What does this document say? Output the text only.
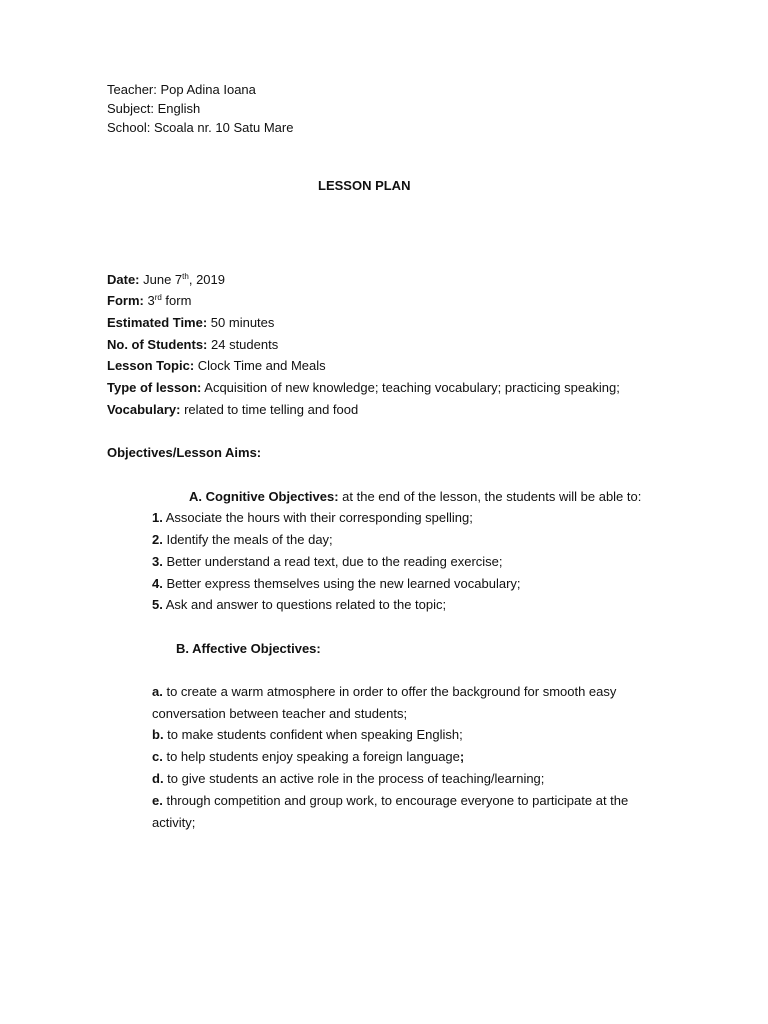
Teacher: Pop Adina Ioana
Subject: English
School: Scoala nr. 10 Satu Mare
LESSON PLAN
Date: June 7th, 2019
Form: 3rd form
Estimated Time: 50 minutes
No. of Students: 24 students
Lesson Topic: Clock Time and Meals
Type of lesson: Acquisition of new knowledge; teaching vocabulary; practicing speaking;
Vocabulary: related to time telling and food
Objectives/Lesson Aims:
A. Cognitive Objectives: at the end of the lesson, the students will be able to:
1. Associate the hours with their corresponding spelling;
2. Identify the meals of the day;
3. Better understand a read text, due to the reading exercise;
4. Better express themselves using the new learned vocabulary;
5. Ask and answer to questions related to the topic;
B. Affective Objectives:
a. to create a warm atmosphere in order to offer the background for smooth easy
conversation between teacher and students;
b. to make students confident when speaking English;
c. to help students enjoy speaking a foreign language;
d. to give students an active role in the process of teaching/learning;
e. through competition and group work, to encourage everyone to participate at the
activity;
